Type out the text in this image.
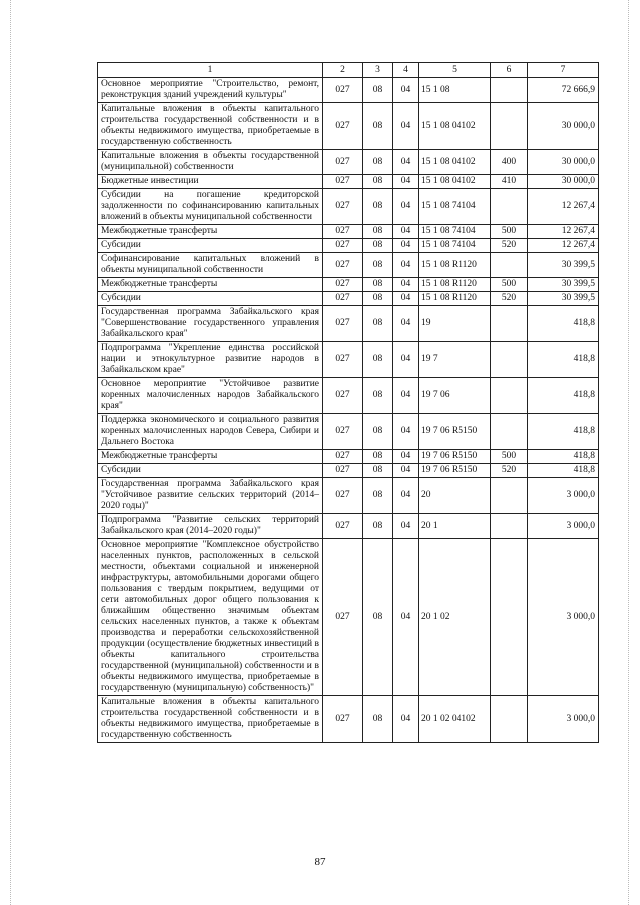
1	2	3	4	5	6	7
Основное мероприятие "Строительство, ремонт, реконструкция зданий учреждений культуры"	027	08	04	15 1 08		72 666,9
Капитальные вложения в объекты капитального строительства государственной собственности и в объекты недвижимого имущества, приобретаемые в государственную собственность	027	08	04	15 1 08 04102		30 000,0
Капитальные вложения в объекты государственной (муниципальной) собственности	027	08	04	15 1 08 04102	400	30 000,0
Бюджетные инвестиции	027	08	04	15 1 08 04102	410	30 000,0
Субсидии на погашение кредиторской задолженности по софинансированию капитальных вложений в объекты муниципальной собственности	027	08	04	15 1 08 74104		12 267,4
Межбюджетные трансферты	027	08	04	15 1 08 74104	500	12 267,4
Субсидии	027	08	04	15 1 08 74104	520	12 267,4
Софинансирование капитальных вложений в объекты муниципальной собственности	027	08	04	15 1 08 R1120		30 399,5
Межбюджетные трансферты	027	08	04	15 1 08 R1120	500	30 399,5
Субсидии	027	08	04	15 1 08 R1120	520	30 399,5
Государственная программа Забайкальского края "Совершенствование государственного управления Забайкальского края"	027	08	04	19		418,8
Подпрограмма "Укрепление единства российской нации и этнокультурное развитие народов в Забайкальском крае"	027	08	04	19 7		418,8
Основное мероприятие "Устойчивое развитие коренных малочисленных народов Забайкальского края"	027	08	04	19 7 06		418,8
Поддержка экономического и социального развития коренных малочисленных народов Севера, Сибири и Дальнего Востока	027	08	04	19 7 06 R5150		418,8
Межбюджетные трансферты	027	08	04	19 7 06 R5150	500	418,8
Субсидии	027	08	04	19 7 06 R5150	520	418,8
Государственная программа Забайкальского края "Устойчивое развитие сельских территорий (2014–2020 годы)"	027	08	04	20		3 000,0
Подпрограмма "Развитие сельских территорий Забайкальского края (2014–2020 годы)"	027	08	04	20 1		3 000,0
Основное мероприятие "Комплексное обустройство населенных пунктов, расположенных в сельской местности, объектами социальной и инженерной инфраструктуры, автомобильными дорогами общего пользования с твердым покрытием, ведущими от сети автомобильных дорог общего пользования к ближайшим общественно значимым объектам сельских населенных пунктов, а также к объектам производства и переработки сельскохозяйственной продукции (осуществление бюджетных инвестиций в объекты капитального строительства государственной (муниципальной) собственности и в объекты недвижимого имущества, приобретаемые в государственную (муниципальную) собственность)"	027	08	04	20 1 02		3 000,0
Капитальные вложения в объекты капитального строительства государственной собственности и в объекты недвижимого имущества, приобретаемые в государственную собственность	027	08	04	20 1 02 04102		3 000,0
87
